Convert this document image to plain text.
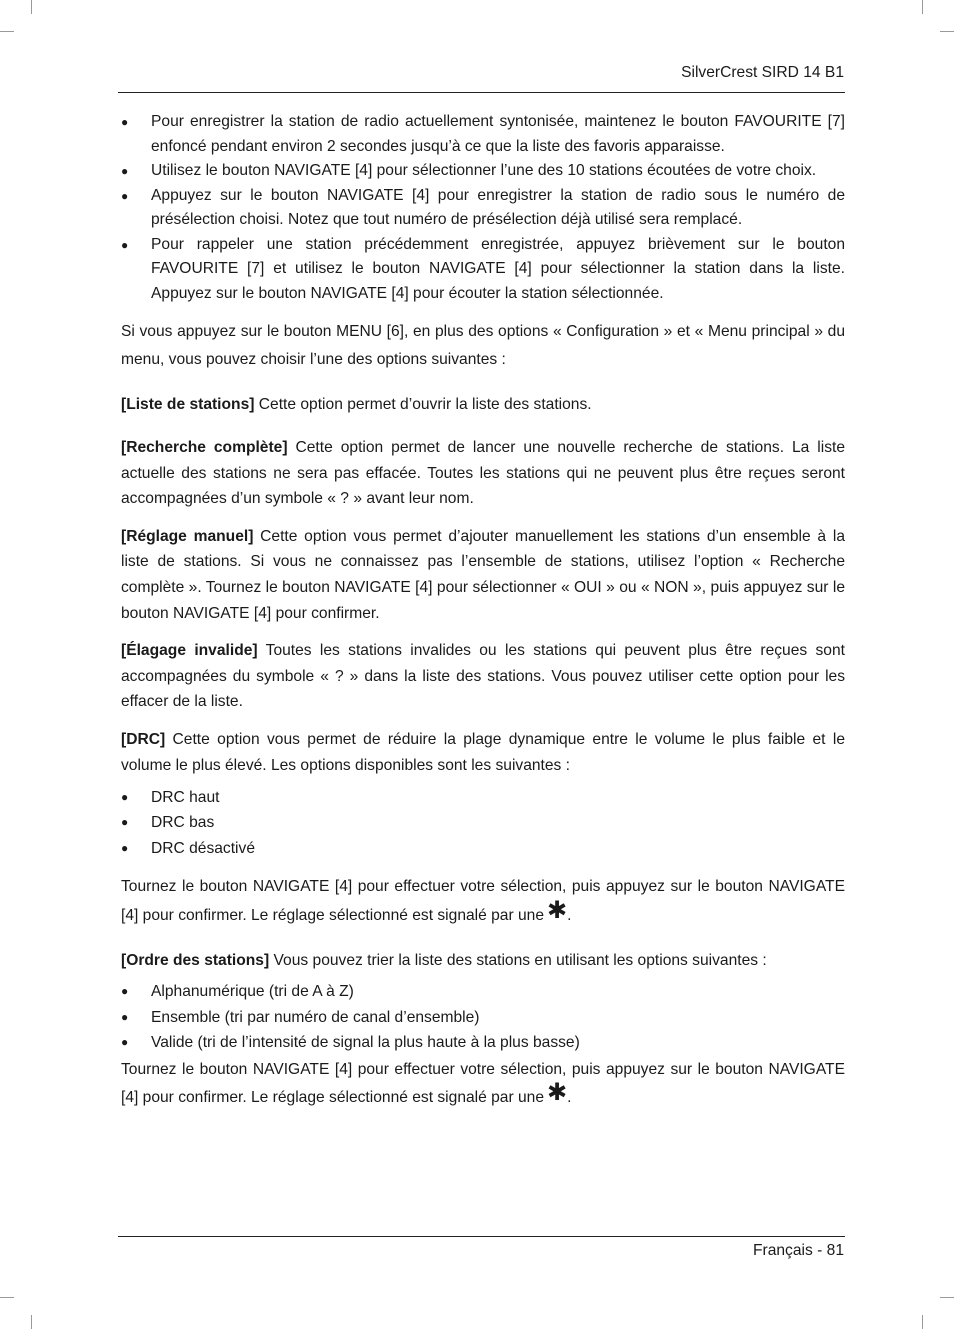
SilverCrest SIRD 14 B1
● Pour enregistrer la station de radio actuellement syntonisée, maintenez le bouton FAVOURITE [7] enfoncé pendant environ 2 secondes jusqu’à ce que la liste des favoris apparaisse.
● Utilisez le bouton NAVIGATE [4] pour sélectionner l’une des 10 stations écoutées de votre choix.
● Appuyez sur le bouton NAVIGATE [4] pour enregistrer la station de radio sous le numéro de présélection choisi. Notez que tout numéro de présélection déjà utilisé sera remplacé.
● Pour rappeler une station précédemment enregistrée, appuyez brièvement sur le bouton FAVOURITE [7] et utilisez le bouton NAVIGATE [4] pour sélectionner la station dans la liste. Appuyez sur le bouton NAVIGATE [4] pour écouter la station sélectionnée.

Si vous appuyez sur le bouton MENU [6], en plus des options « Configuration » et « Menu principal » du menu, vous pouvez choisir l’une des options suivantes :

[Liste de stations] Cette option permet d’ouvrir la liste des stations.

[Recherche complète] Cette option permet de lancer une nouvelle recherche de stations. La liste actuelle des stations ne sera pas effacée. Toutes les stations qui ne peuvent plus être reçues seront accompagnées d’un symbole « ? » avant leur nom.

[Réglage manuel] Cette option vous permet d’ajouter manuellement les stations d’un ensemble à la liste de stations. Si vous ne connaissez pas l’ensemble de stations, utilisez l’option « Recherche complète ». Tournez le bouton NAVIGATE [4] pour sélectionner « OUI » ou « NON », puis appuyez sur le bouton NAVIGATE [4] pour confirmer.

[Élagage invalide] Toutes les stations invalides ou les stations qui peuvent plus être reçues sont accompagnées du symbole « ? » dans la liste des stations. Vous pouvez utiliser cette option pour les effacer de la liste.

[DRC] Cette option vous permet de réduire la plage dynamique entre le volume le plus faible et le volume le plus élevé. Les options disponibles sont les suivantes :

● DRC haut
● DRC bas
● DRC désactivé

Tournez le bouton NAVIGATE [4] pour effectuer votre sélection, puis appuyez sur le bouton NAVIGATE [4] pour confirmer. Le réglage sélectionné est signalé par une ✱.

[Ordre des stations] Vous pouvez trier la liste des stations en utilisant les options suivantes :

● Alphanumérique (tri de A à Z)
● Ensemble (tri par numéro de canal d’ensemble)
● Valide (tri de l’intensité de signal la plus haute à la plus basse)

Tournez le bouton NAVIGATE [4] pour effectuer votre sélection, puis appuyez sur le bouton NAVIGATE [4] pour confirmer. Le réglage sélectionné est signalé par une ✱.

Français - 81
